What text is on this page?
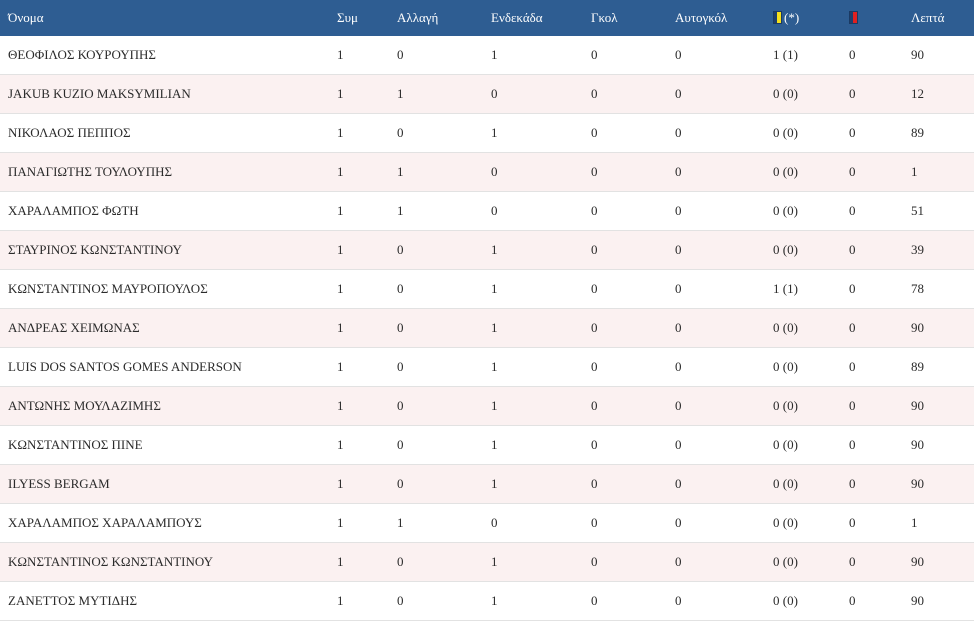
Όνομα	Συμ	Αλλαγή	Ενδεκάδα	Γκολ	Αυτογκόλ	(*)		Λεπτά
ΘΕΟΦΙΛΟΣ ΚΟΥΡΟΥΠΗΣ	1	0	1	0	0	1 (1)	0	90
JAKUB KUZIO MAKSYMILIAN	1	1	0	0	0	0 (0)	0	12
ΝΙΚΟΛΑΟΣ ΠΕΠΠΟΣ	1	0	1	0	0	0 (0)	0	89
ΠΑΝΑΓΙΩΤΗΣ ΤΟΥΛΟΥΠΗΣ	1	1	0	0	0	0 (0)	0	1
ΧΑΡΑΛΑΜΠΟΣ ΦΩΤΗ	1	1	0	0	0	0 (0)	0	51
ΣΤΑΥΡΙΝΟΣ ΚΩΝΣΤΑΝΤΙΝΟΥ	1	0	1	0	0	0 (0)	0	39
ΚΩΝΣΤΑΝΤΙΝΟΣ ΜΑΥΡΟΠΟΥΛΟΣ	1	0	1	0	0	1 (1)	0	78
ΑΝΔΡΕΑΣ ΧΕΙΜΩΝΑΣ	1	0	1	0	0	0 (0)	0	90
LUIS DOS SANTOS GOMES ANDERSON	1	0	1	0	0	0 (0)	0	89
ΑΝΤΩΝΗΣ ΜΟΥΛΑΖΙΜΗΣ	1	0	1	0	0	0 (0)	0	90
ΚΩΝΣΤΑΝΤΙΝΟΣ ΠΙΝΕ	1	0	1	0	0	0 (0)	0	90
ILYESS BERGAM	1	0	1	0	0	0 (0)	0	90
ΧΑΡΑΛΑΜΠΟΣ ΧΑΡΑΛΑΜΠΟΥΣ	1	1	0	0	0	0 (0)	0	1
ΚΩΝΣΤΑΝΤΙΝΟΣ ΚΩΝΣΤΑΝΤΙΝΟΥ	1	0	1	0	0	0 (0)	0	90
ΖΑΝΕΤΤΟΣ ΜΥΤΙΔΗΣ	1	0	1	0	0	0 (0)	0	90
